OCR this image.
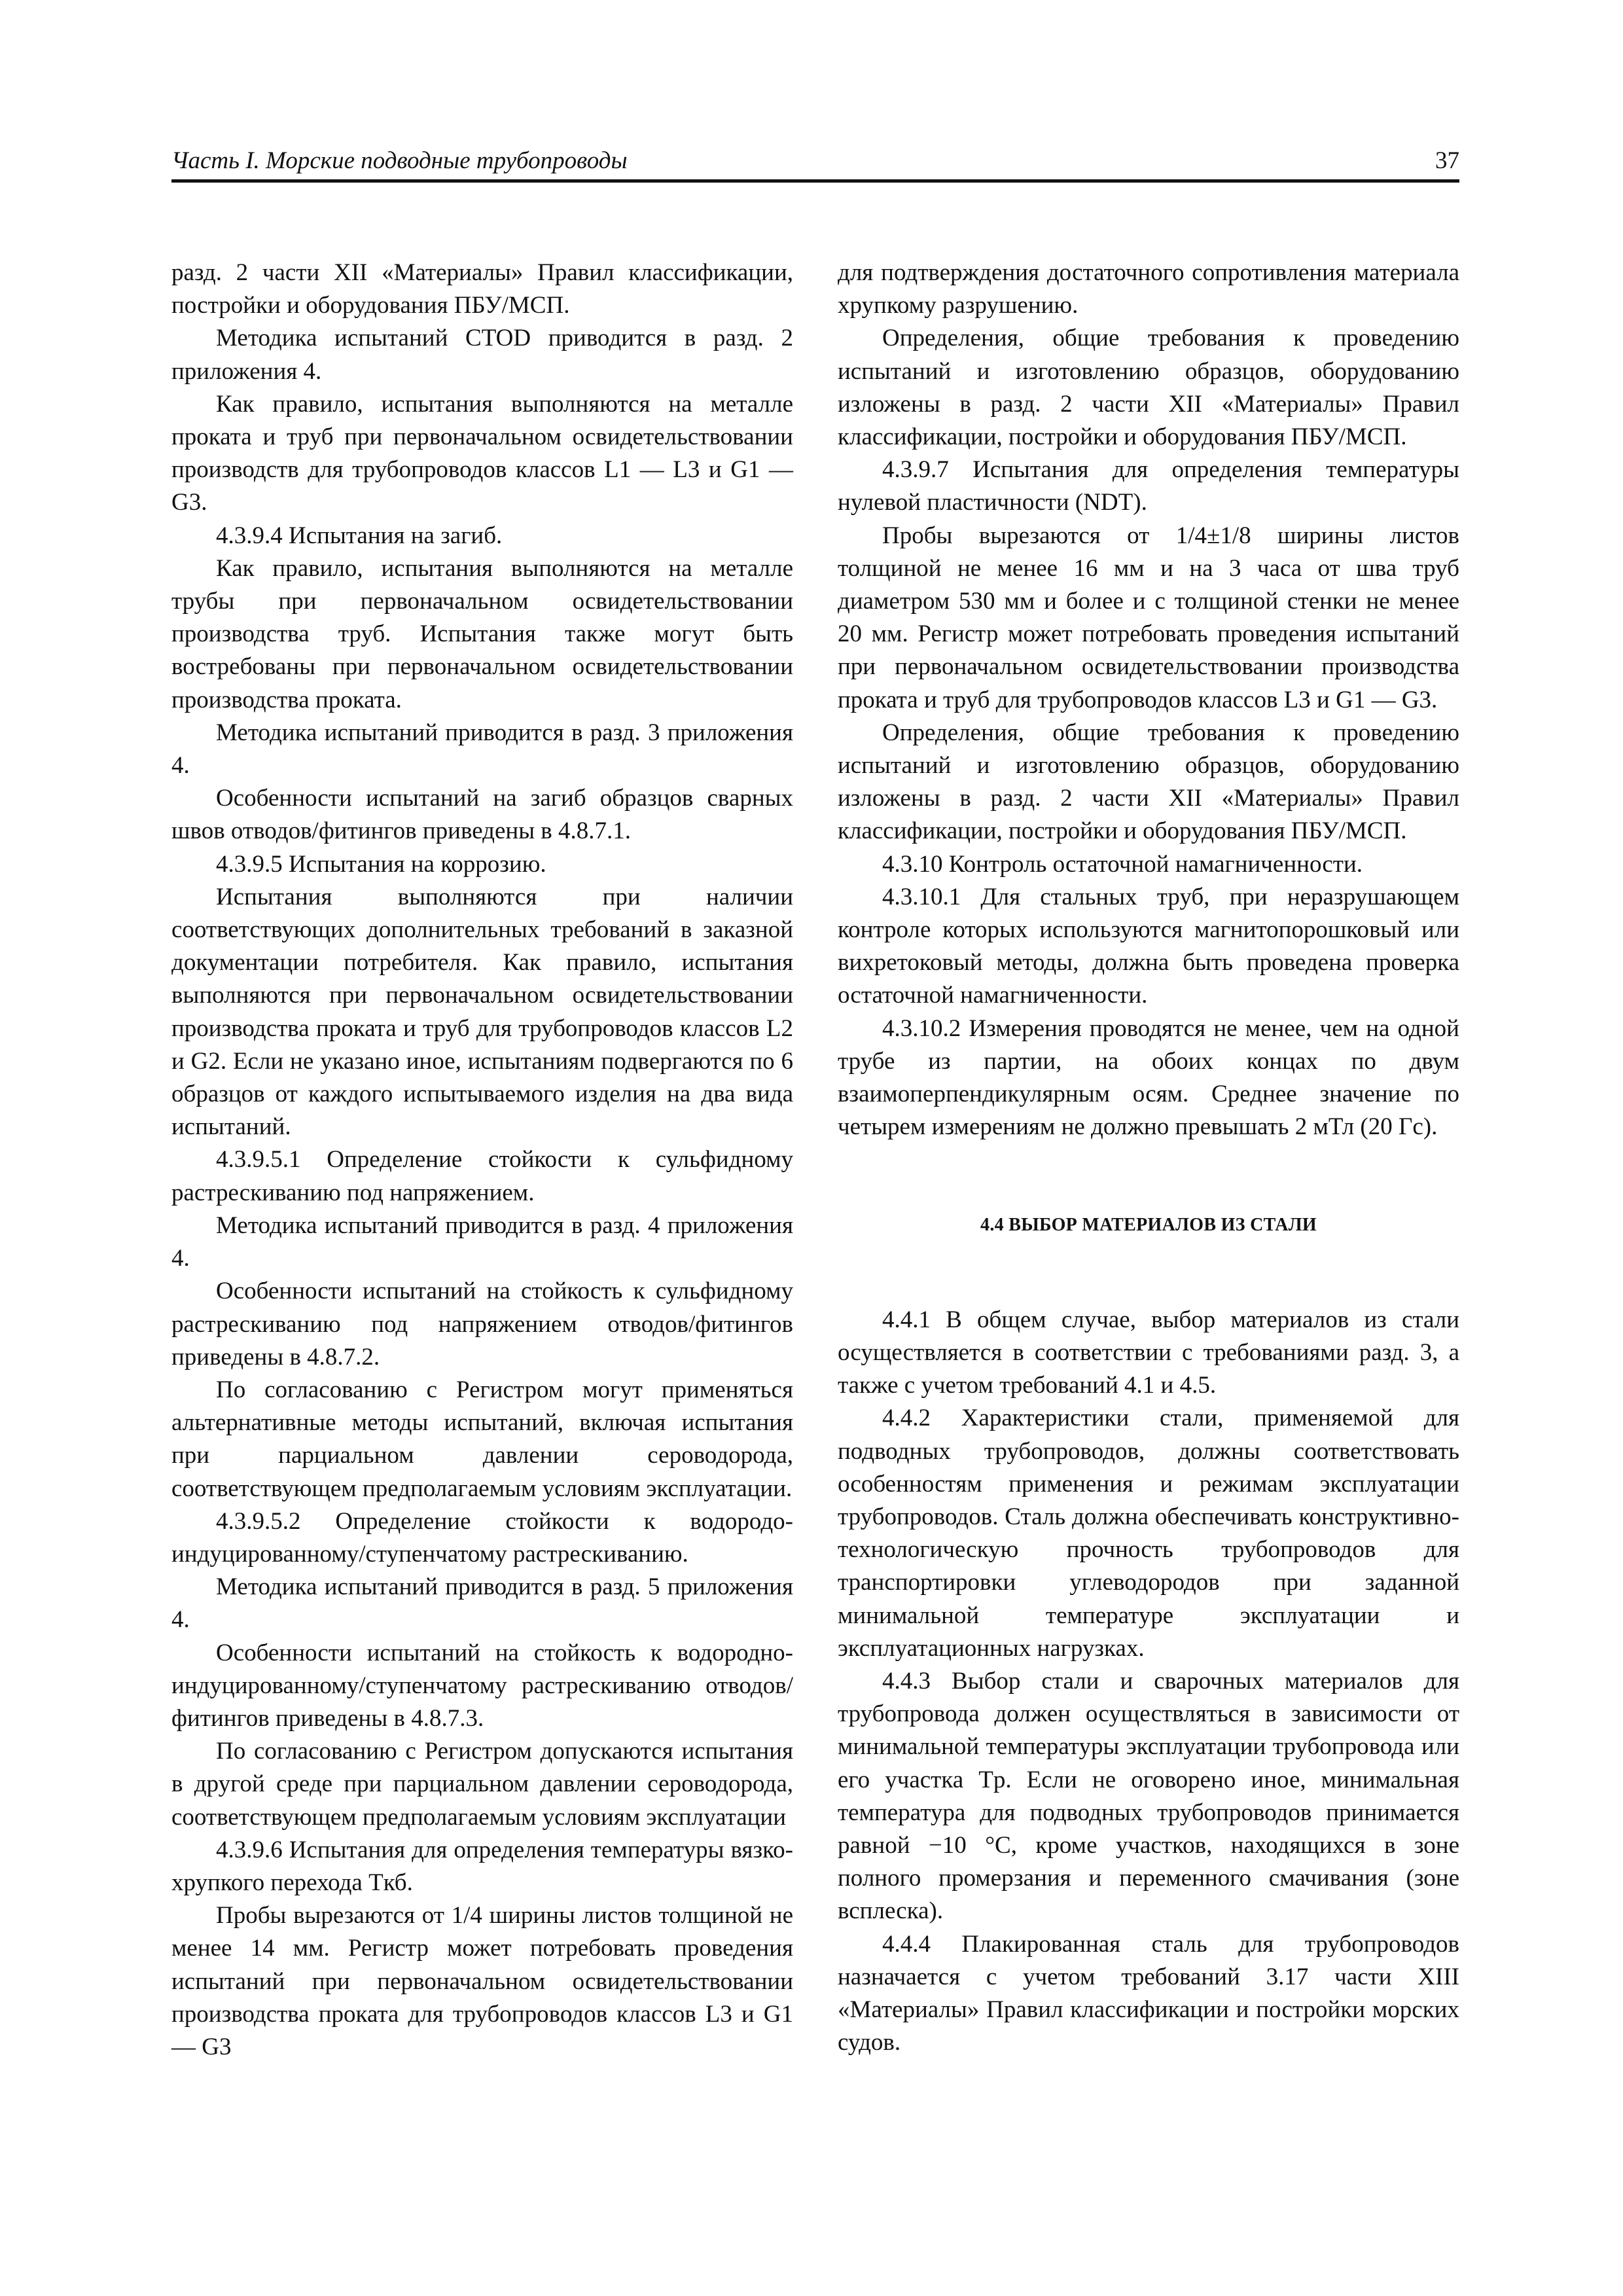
Часть I. Морские подводные трубопроводы	37

разд. 2 части XII «Материалы» Правил классификации, постройки и оборудования ПБУ/МСП.

Методика испытаний CTOD приводится в разд. 2 приложения 4.

Как правило, испытания выполняются на металле проката и труб при первоначальном освидетельствовании производств для трубопроводов классов L1 — L3 и G1 — G3.

4.3.9.4 Испытания на загиб.

Как правило, испытания выполняются на металле трубы при первоначальном освидетельствовании производства труб. Испытания также могут быть востребованы при первоначальном освидетельствовании производства проката.

Методика испытаний приводится в разд. 3 приложения 4.

Особенности испытаний на загиб образцов сварных швов отводов/фитингов приведены в 4.8.7.1.

4.3.9.5 Испытания на коррозию.

Испытания выполняются при наличии соответствующих дополнительных требований в заказной документации потребителя. Как правило, испытания выполняются при первоначальном освидетельствовании производства проката и труб для трубопроводов классов L2 и G2. Если не указано иное, испытаниям подвергаются по 6 образцов от каждого испытываемого изделия на два вида испытаний.

4.3.9.5.1 Определение стойкости к сульфидному растрескиванию под напряжением.

Методика испытаний приводится в разд. 4 приложения 4.

Особенности испытаний на стойкость к сульфидному растрескиванию под напряжением отводов/фитингов приведены в 4.8.7.2.

По согласованию с Регистром могут применяться альтернативные методы испытаний, включая испытания при парциальном давлении сероводорода, соответствующем предполагаемым условиям эксплуатации.

4.3.9.5.2 Определение стойкости к водородо-индуцированному/ступенчатому растрескиванию.

Методика испытаний приводится в разд. 5 приложения 4.

Особенности испытаний на стойкость к водородно-индуцированному/ступенчатому растрескиванию отводов/фитингов приведены в 4.8.7.3.

По согласованию с Регистром допускаются испытания в другой среде при парциальном давлении сероводорода, соответствующем предполагаемым условиям эксплуатации

4.3.9.6 Испытания для определения температуры вязко-хрупкого перехода Tкб.

Пробы вырезаются от 1/4 ширины листов толщиной не менее 14 мм. Регистр может потребовать проведения испытаний при первоначальном освидетельствовании производства проката для трубопроводов классов L3 и G1 — G3

для подтверждения достаточного сопротивления материала хрупкому разрушению.

Определения, общие требования к проведению испытаний и изготовлению образцов, оборудованию изложены в разд. 2 части XII «Материалы» Правил классификации, постройки и оборудования ПБУ/МСП.

4.3.9.7 Испытания для определения температуры нулевой пластичности (NDT).

Пробы вырезаются от 1/4±1/8 ширины листов толщиной не менее 16 мм и на 3 часа от шва труб диаметром 530 мм и более и с толщиной стенки не менее 20 мм. Регистр может потребовать проведения испытаний при первоначальном освидетельствовании производства проката и труб для трубопроводов классов L3 и G1 — G3.

Определения, общие требования к проведению испытаний и изготовлению образцов, оборудованию изложены в разд. 2 части XII «Материалы» Правил классификации, постройки и оборудования ПБУ/МСП.

4.3.10 Контроль остаточной намагниченности.

4.3.10.1 Для стальных труб, при неразрушающем контроле которых используются магнитопорошковый или вихретоковый методы, должна быть проведена проверка остаточной намагниченности.

4.3.10.2 Измерения проводятся не менее, чем на одной трубе из партии, на обоих концах по двум взаимоперпендикулярным осям. Среднее значение по четырем измерениям не должно превышать 2 мТл (20 Гс).

4.4 ВЫБОР МАТЕРИАЛОВ ИЗ СТАЛИ

4.4.1 В общем случае, выбор материалов из стали осуществляется в соответствии с требованиями разд. 3, а также с учетом требований 4.1 и 4.5.

4.4.2 Характеристики стали, применяемой для подводных трубопроводов, должны соответствовать особенностям применения и режимам эксплуатации трубопроводов. Сталь должна обеспечивать конструктивно-технологическую прочность трубопроводов для транспортировки углеводородов при заданной минимальной температуре эксплуатации и эксплуатационных нагрузках.

4.4.3 Выбор стали и сварочных материалов для трубопровода должен осуществляться в зависимости от минимальной температуры эксплуатации трубопровода или его участка Tp. Если не оговорено иное, минимальная температура для подводных трубопроводов принимается равной −10 °C, кроме участков, находящихся в зоне полного промерзания и переменного смачивания (зоне всплеска).

4.4.4 Плакированная сталь для трубопроводов назначается с учетом требований 3.17 части XIII «Материалы» Правил классификации и постройки морских судов.
